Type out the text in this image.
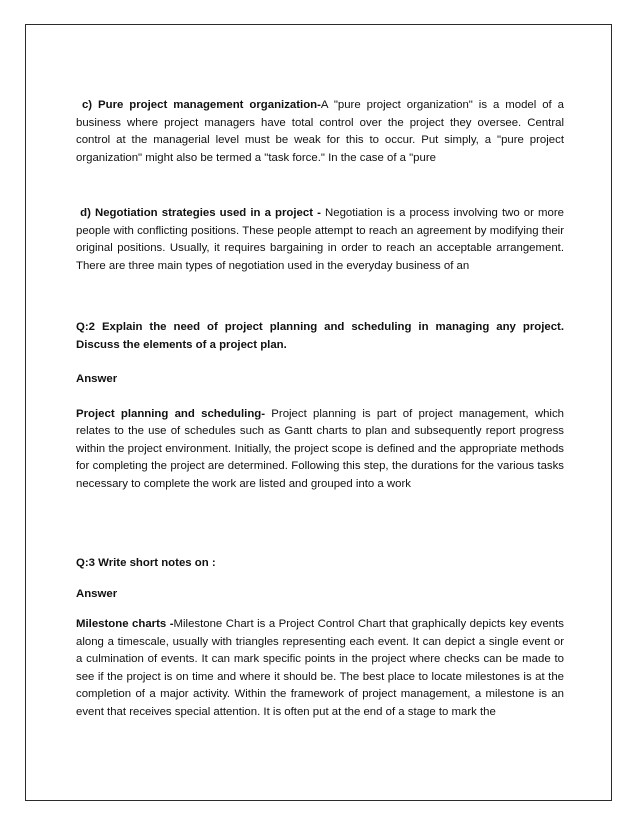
c) Pure project management organization-A "pure project organization" is a model of a business where project managers have total control over the project they oversee. Central control at the managerial level must be weak for this to occur. Put simply, a "pure project organization" might also be termed a "task force." In the case of a "pure

d) Negotiation strategies used in a project - Negotiation is a process involving two or more people with conflicting positions. These people attempt to reach an agreement by modifying their original positions. Usually, it requires bargaining in order to reach an acceptable arrangement. There are three main types of negotiation used in the everyday business of an

Q:2 Explain the need of project planning and scheduling in managing any project. Discuss the elements of a project plan.

Answer

Project planning and scheduling- Project planning is part of project management, which relates to the use of schedules such as Gantt charts to plan and subsequently report progress within the project environment. Initially, the project scope is defined and the appropriate methods for completing the project are determined. Following this step, the durations for the various tasks necessary to complete the work are listed and grouped into a work

Q:3 Write short notes on :

Answer

Milestone charts -Milestone Chart is a Project Control Chart that graphically depicts key events along a timescale, usually with triangles representing each event. It can depict a single event or a culmination of events. It can mark specific points in the project where checks can be made to see if the project is on time and where it should be. The best place to locate milestones is at the completion of a major activity. Within the framework of project management, a milestone is an event that receives special attention. It is often put at the end of a stage to mark the
